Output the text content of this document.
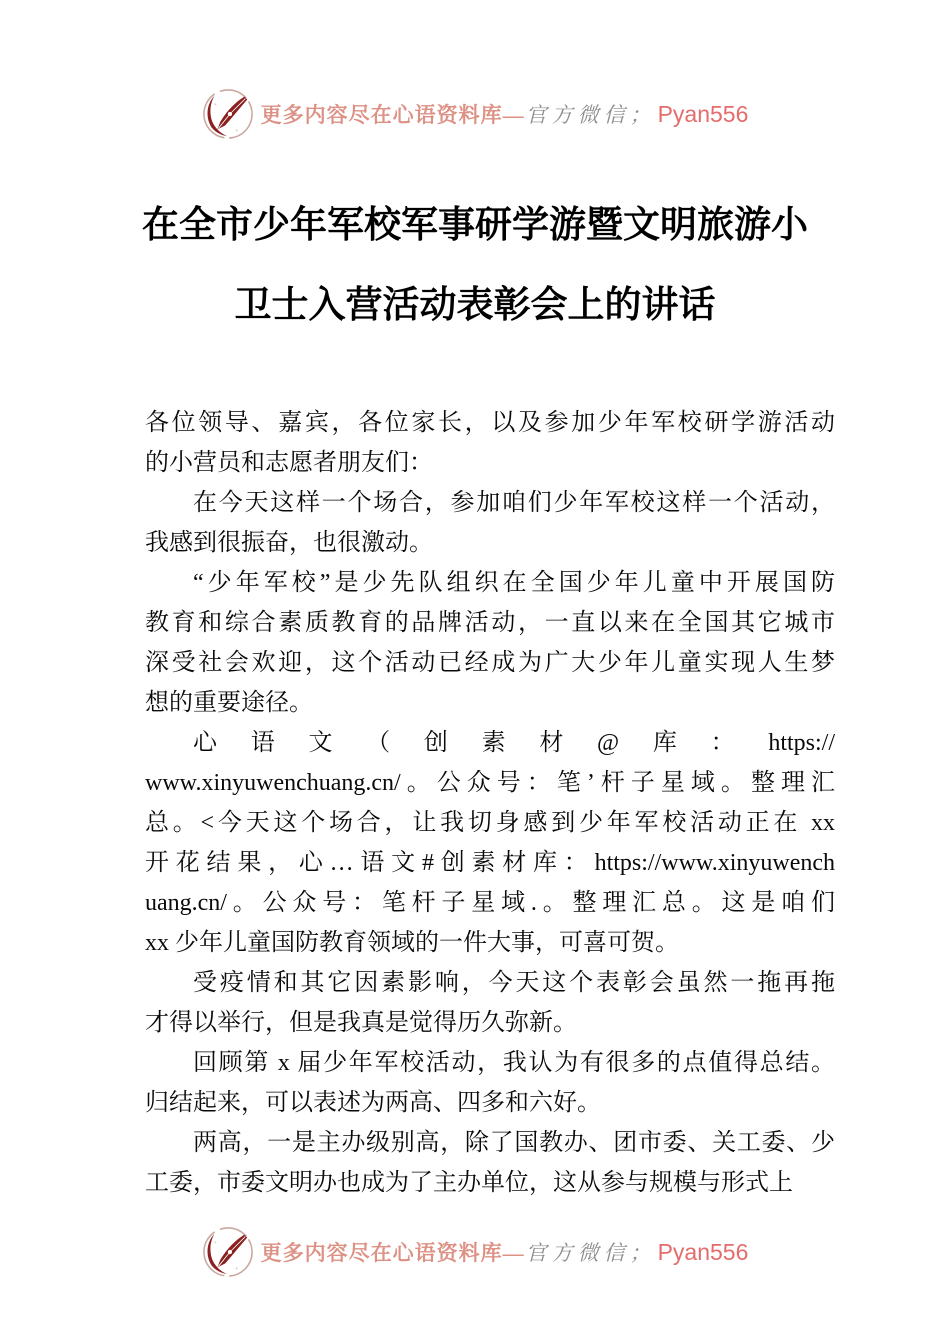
更多内容尽在心语资料库 — 官方微信； Pyan556
在全市少年军校军事研学游暨文明旅游小
卫士入营活动表彰会上的讲话
各位领导、嘉宾，各位家长，以及参加少年军校研学游活动
的小营员和志愿者朋友们：
在今天这样一个场合，参加咱们少年军校这样一个活动，
我感到很振奋，也很激动。
“少年军校”是少先队组织在全国少年儿童中开展国防
教育和综合素质教育的品牌活动，一直以来在全国其它城市
深受社会欢迎，这个活动已经成为广大少年儿童实现人生梦
想的重要途径。
心语文（创素材@库：https://
www.xinyuwenchuang.cn/。公众号：笔’杆子星域。整理汇
总。<今天这个场合，让我切身感到少年军校活动正在 xx
开花结果，心…语文#创素材库：https://www.xinyuwench
uang.cn/。公众号：笔杆子星域.。整理汇总。这是咱们
xx 少年儿童国防教育领域的一件大事，可喜可贺。
受疫情和其它因素影响，今天这个表彰会虽然一拖再拖
才得以举行，但是我真是觉得历久弥新。
回顾第 x 届少年军校活动，我认为有很多的点值得总结。
归结起来，可以表述为两高、四多和六好。
两高，一是主办级别高，除了国教办、团市委、关工委、少
工委，市委文明办也成为了主办单位，这从参与规模与形式上
更多内容尽在心语资料库 — 官方微信； Pyan556
